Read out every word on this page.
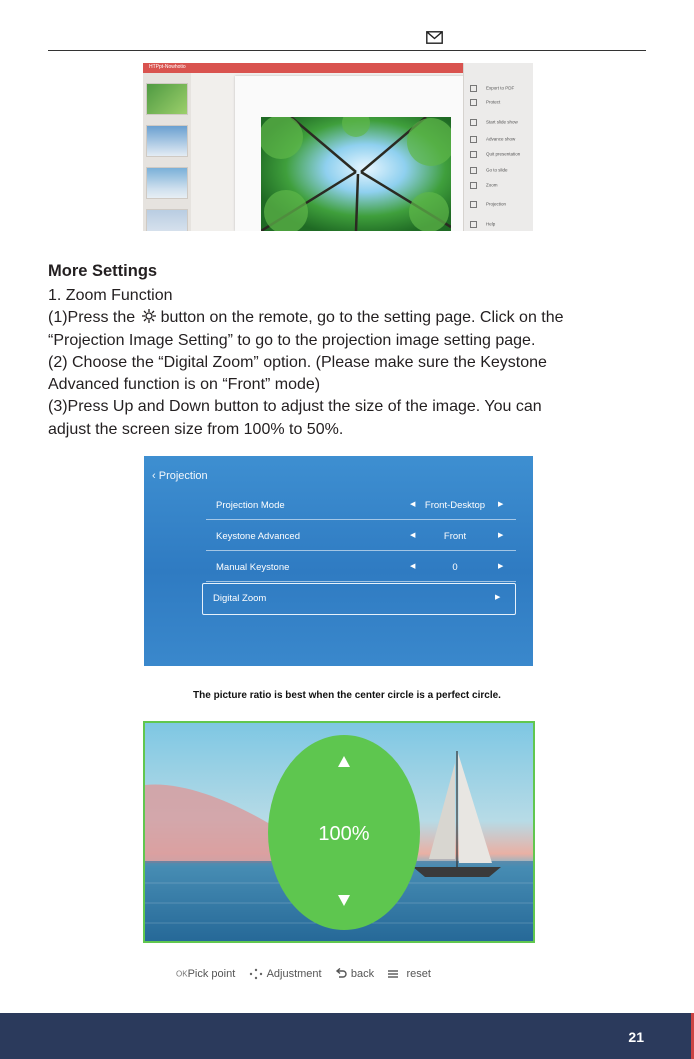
HTPpt-Nowhotio
Export to PDF
Protect
Start slide show
Advance show
Quit presentation
Go to slide
Zoom
Projection
Help
More Settings

1. Zoom Function

(1)Press the button on the remote, go to the setting page. Click on the

“Projection Image Setting” to go to the projection image setting page.

(2) Choose the “Digital Zoom” option. (Please make sure the Keystone

Advanced function is on “Front” mode)

(3)Press Up and Down button to adjust the size of the image. You can

adjust the screen size from 100% to 50%.

‹ Projection
Projection Mode	◀	Front-Desktop	▶
Keystone Advanced	◀	Front	▶
Manual Keystone	◀	0	▶
Digital Zoom	▶
The picture ratio is best when the center circle is a perfect circle.
100%
OKPick point	Adjustment	back	reset
21
